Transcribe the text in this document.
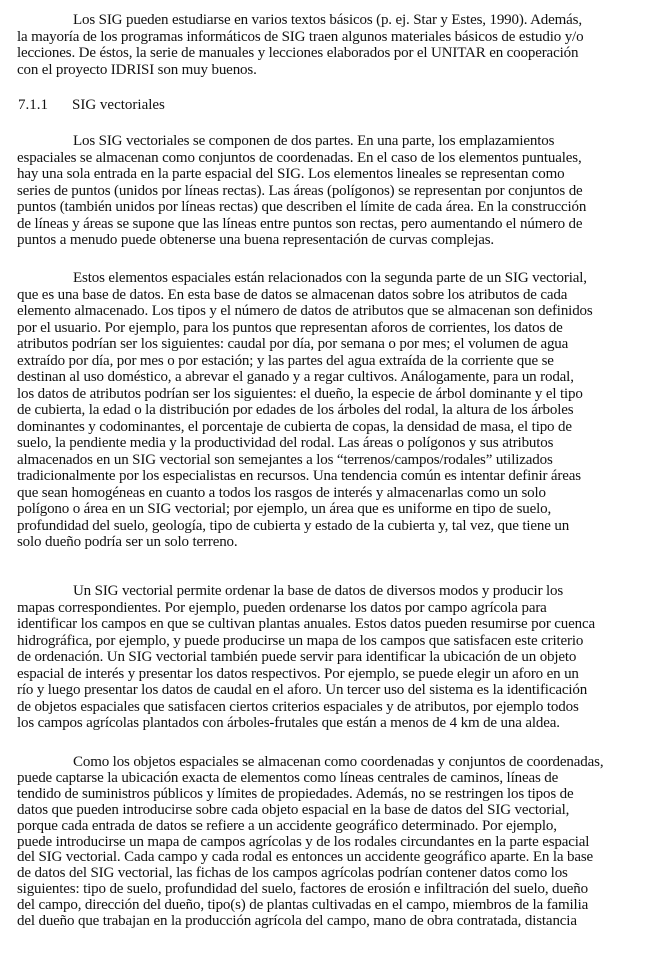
Los SIG pueden estudiarse en varios textos básicos (p. ej. Star y Estes, 1990). Además,
la mayoría de los programas informáticos de SIG traen algunos materiales básicos de estudio y/o
lecciones. De éstos, la serie de manuales y lecciones elaborados por el UNITAR en cooperación
con el proyecto IDRISI son muy buenos.
7.1.1 SIG vectoriales
Los SIG vectoriales se componen de dos partes. En una parte, los emplazamientos
espaciales se almacenan como conjuntos de coordenadas. En el caso de los elementos puntuales,
hay una sola entrada en la parte espacial del SIG. Los elementos lineales se representan como
series de puntos (unidos por líneas rectas). Las áreas (polígonos) se representan por conjuntos de
puntos (también unidos por líneas rectas) que describen el límite de cada área. En la construcción
de líneas y áreas se supone que las líneas entre puntos son rectas, pero aumentando el número de
puntos a menudo puede obtenerse una buena representación de curvas complejas.
Estos elementos espaciales están relacionados con la segunda parte de un SIG vectorial,
que es una base de datos. En esta base de datos se almacenan datos sobre los atributos de cada
elemento almacenado. Los tipos y el número de datos de atributos que se almacenan son definidos
por el usuario. Por ejemplo, para los puntos que representan aforos de corrientes, los datos de
atributos podrían ser los siguientes: caudal por día, por semana o por mes; el volumen de agua
extraído por día, por mes o por estación; y las partes del agua extraída de la corriente que se
destinan al uso doméstico, a abrevar el ganado y a regar cultivos. Análogamente, para un rodal,
los datos de atributos podrían ser los siguientes: el dueño, la especie de árbol dominante y el tipo
de cubierta, la edad o la distribución por edades de los árboles del rodal, la altura de los árboles
dominantes y codominantes, el porcentaje de cubierta de copas, la densidad de masa, el tipo de
suelo, la pendiente media y la productividad del rodal. Las áreas o polígonos y sus atributos
almacenados en un SIG vectorial son semejantes a los “terrenos/campos/rodales” utilizados
tradicionalmente por los especialistas en recursos. Una tendencia común es intentar definir áreas
que sean homogéneas en cuanto a todos los rasgos de interés y almacenarlas como un solo
polígono o área en un SIG vectorial; por ejemplo, un área que es uniforme en tipo de suelo,
profundidad del suelo, geología, tipo de cubierta y estado de la cubierta y, tal vez, que tiene un
solo dueño podría ser un solo terreno.
Un SIG vectorial permite ordenar la base de datos de diversos modos y producir los
mapas correspondientes. Por ejemplo, pueden ordenarse los datos por campo agrícola para
identificar los campos en que se cultivan plantas anuales. Estos datos pueden resumirse por cuenca
hidrográfica, por ejemplo, y puede producirse un mapa de los campos que satisfacen este criterio
de ordenación. Un SIG vectorial también puede servir para identificar la ubicación de un objeto
espacial de interés y presentar los datos respectivos. Por ejemplo, se puede elegir un aforo en un
río y luego presentar los datos de caudal en el aforo. Un tercer uso del sistema es la identificación
de objetos espaciales que satisfacen ciertos criterios espaciales y de atributos, por ejemplo todos
los campos agrícolas plantados con árboles-frutales que están a menos de 4 km de una aldea.
Como los objetos espaciales se almacenan como coordenadas y conjuntos de coordenadas,
puede captarse la ubicación exacta de elementos como líneas centrales de caminos, líneas de
tendido de suministros públicos y límites de propiedades. Además, no se restringen los tipos de
datos que pueden introducirse sobre cada objeto espacial en la base de datos del SIG vectorial,
porque cada entrada de datos se refiere a un accidente geográfico determinado. Por ejemplo,
puede introducirse un mapa de campos agrícolas y de los rodales circundantes en la parte espacial
del SIG vectorial. Cada campo y cada rodal es entonces un accidente geográfico aparte. En la base
de datos del SIG vectorial, las fichas de los campos agrícolas podrían contener datos como los
siguientes: tipo de suelo, profundidad del suelo, factores de erosión e infiltración del suelo, dueño
del campo, dirección del dueño, tipo(s) de plantas cultivadas en el campo, miembros de la familia
del dueño que trabajan en la producción agrícola del campo, mano de obra contratada, distancia
